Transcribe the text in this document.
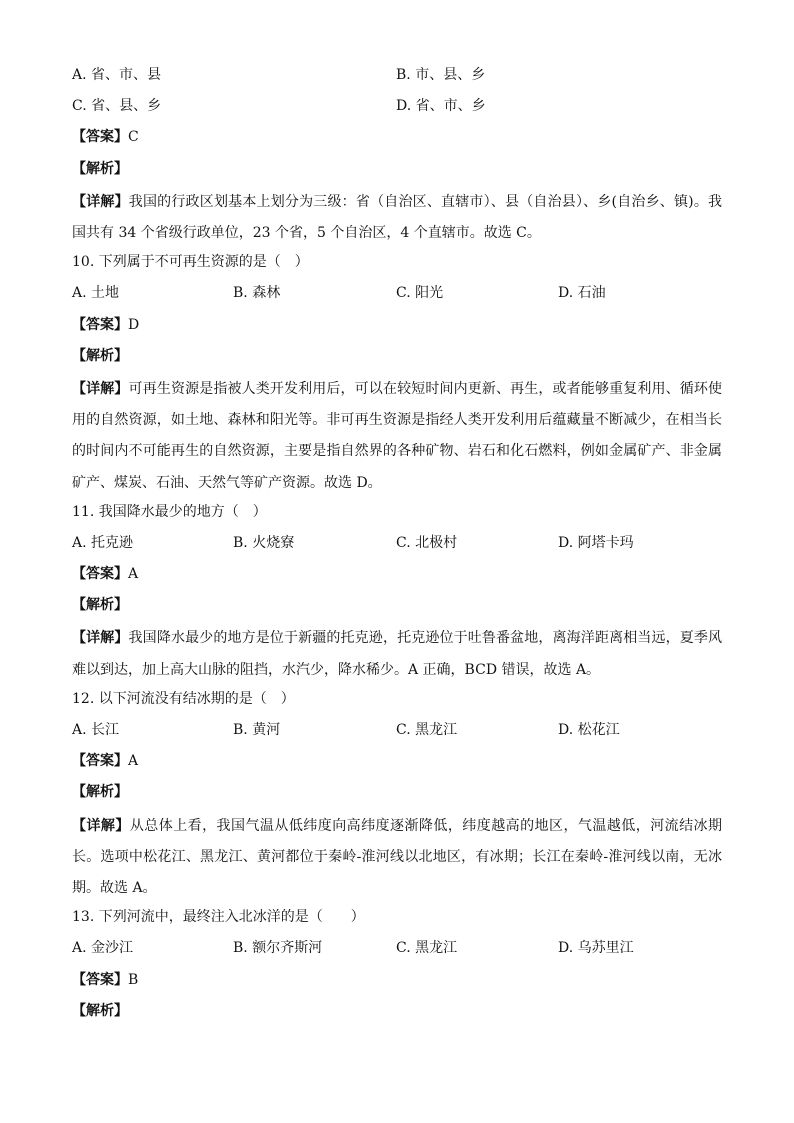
A. 省、市、县	B. 市、县、乡
C. 省、县、乡	D. 省、市、乡
【答案】C
【解析】
【详解】我国的行政区划基本上划分为三级：省（自治区、直辖市）、县（自治县）、乡(自治乡、镇)。我国共有 34 个省级行政单位，23 个省，5 个自治区，4 个直辖市。故选 C。
10. 下列属于不可再生资源的是（　）
A. 土地	B. 森林	C. 阳光	D. 石油
【答案】D
【解析】
【详解】可再生资源是指被人类开发利用后，可以在较短时间内更新、再生，或者能够重复利用、循环使用的自然资源，如土地、森林和阳光等。非可再生资源是指经人类开发利用后蕴藏量不断减少，在相当长的时间内不可能再生的自然资源，主要是指自然界的各种矿物、岩石和化石燃料，例如金属矿产、非金属矿产、煤炭、石油、天然气等矿产资源。故选 D。
11. 我国降水最少的地方（　）
A. 托克逊	B. 火烧寮	C. 北极村	D. 阿塔卡玛
【答案】A
【解析】
【详解】我国降水最少的地方是位于新疆的托克逊，托克逊位于吐鲁番盆地，离海洋距离相当远，夏季风难以到达，加上高大山脉的阻挡，水汽少，降水稀少。A 正确，BCD 错误，故选 A。
12. 以下河流没有结冰期的是（　）
A. 长江	B. 黄河	C. 黑龙江	D. 松花江
【答案】A
【解析】
【详解】从总体上看，我国气温从低纬度向高纬度逐渐降低，纬度越高的地区，气温越低，河流结冰期长。选项中松花江、黑龙江、黄河都位于秦岭-淮河线以北地区，有冰期；长江在秦岭-淮河线以南，无冰期。故选 A。
13. 下列河流中，最终注入北冰洋的是（　　）
A. 金沙江	B. 额尔齐斯河	C. 黑龙江	D. 乌苏里江
【答案】B
【解析】
